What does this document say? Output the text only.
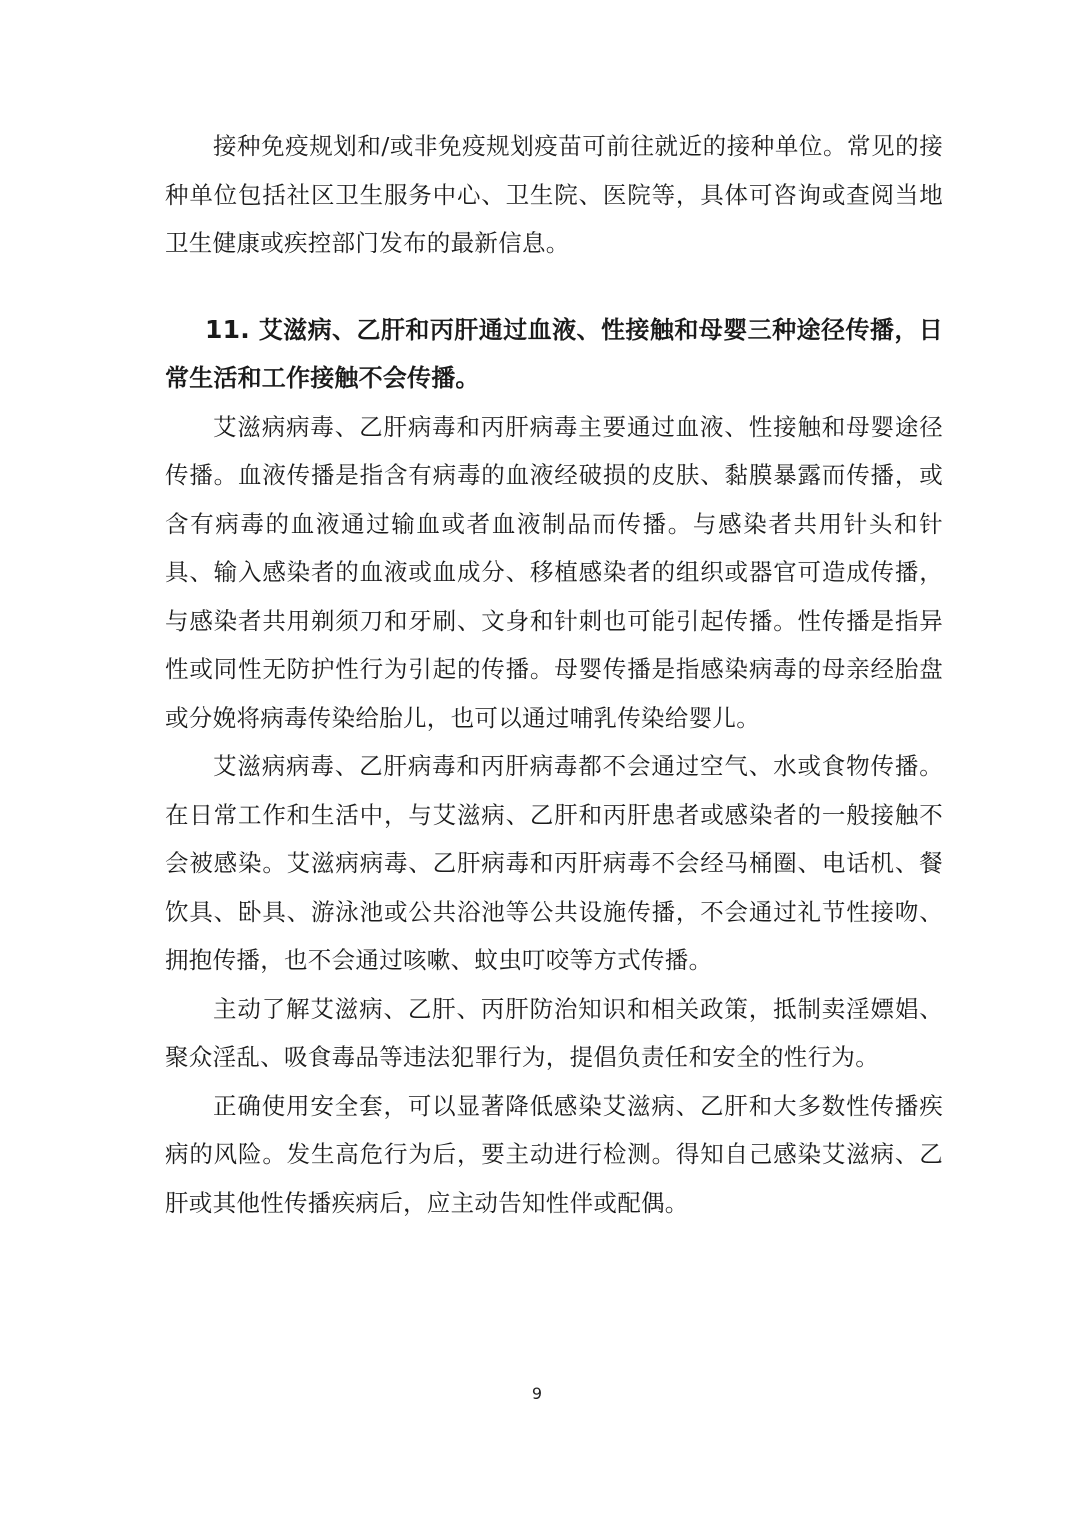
接种免疫规划和/或非免疫规划疫苗可前往就近的接种单位。常见的接种单位包括社区卫生服务中心、卫生院、医院等，具体可咨询或查阅当地卫生健康或疾控部门发布的最新信息。

11. 艾滋病、乙肝和丙肝通过血液、性接触和母婴三种途径传播，日常生活和工作接触不会传播。

艾滋病病毒、乙肝病毒和丙肝病毒主要通过血液、性接触和母婴途径传播。血液传播是指含有病毒的血液经破损的皮肤、黏膜暴露而传播，或含有病毒的血液通过输血或者血液制品而传播。与感染者共用针头和针具、输入感染者的血液或血成分、移植感染者的组织或器官可造成传播，与感染者共用剃须刀和牙刷、文身和针刺也可能引起传播。性传播是指异性或同性无防护性行为引起的传播。母婴传播是指感染病毒的母亲经胎盘或分娩将病毒传染给胎儿，也可以通过哺乳传染给婴儿。

艾滋病病毒、乙肝病毒和丙肝病毒都不会通过空气、水或食物传播。在日常工作和生活中，与艾滋病、乙肝和丙肝患者或感染者的一般接触不会被感染。艾滋病病毒、乙肝病毒和丙肝病毒不会经马桶圈、电话机、餐饮具、卧具、游泳池或公共浴池等公共设施传播，不会通过礼节性接吻、拥抱传播，也不会通过咳嗽、蚊虫叮咬等方式传播。

主动了解艾滋病、乙肝、丙肝防治知识和相关政策，抵制卖淫嫖娼、聚众淫乱、吸食毒品等违法犯罪行为，提倡负责任和安全的性行为。

正确使用安全套，可以显著降低感染艾滋病、乙肝和大多数性传播疾病的风险。发生高危行为后，要主动进行检测。得知自己感染艾滋病、乙肝或其他性传播疾病后，应主动告知性伴或配偶。

9
